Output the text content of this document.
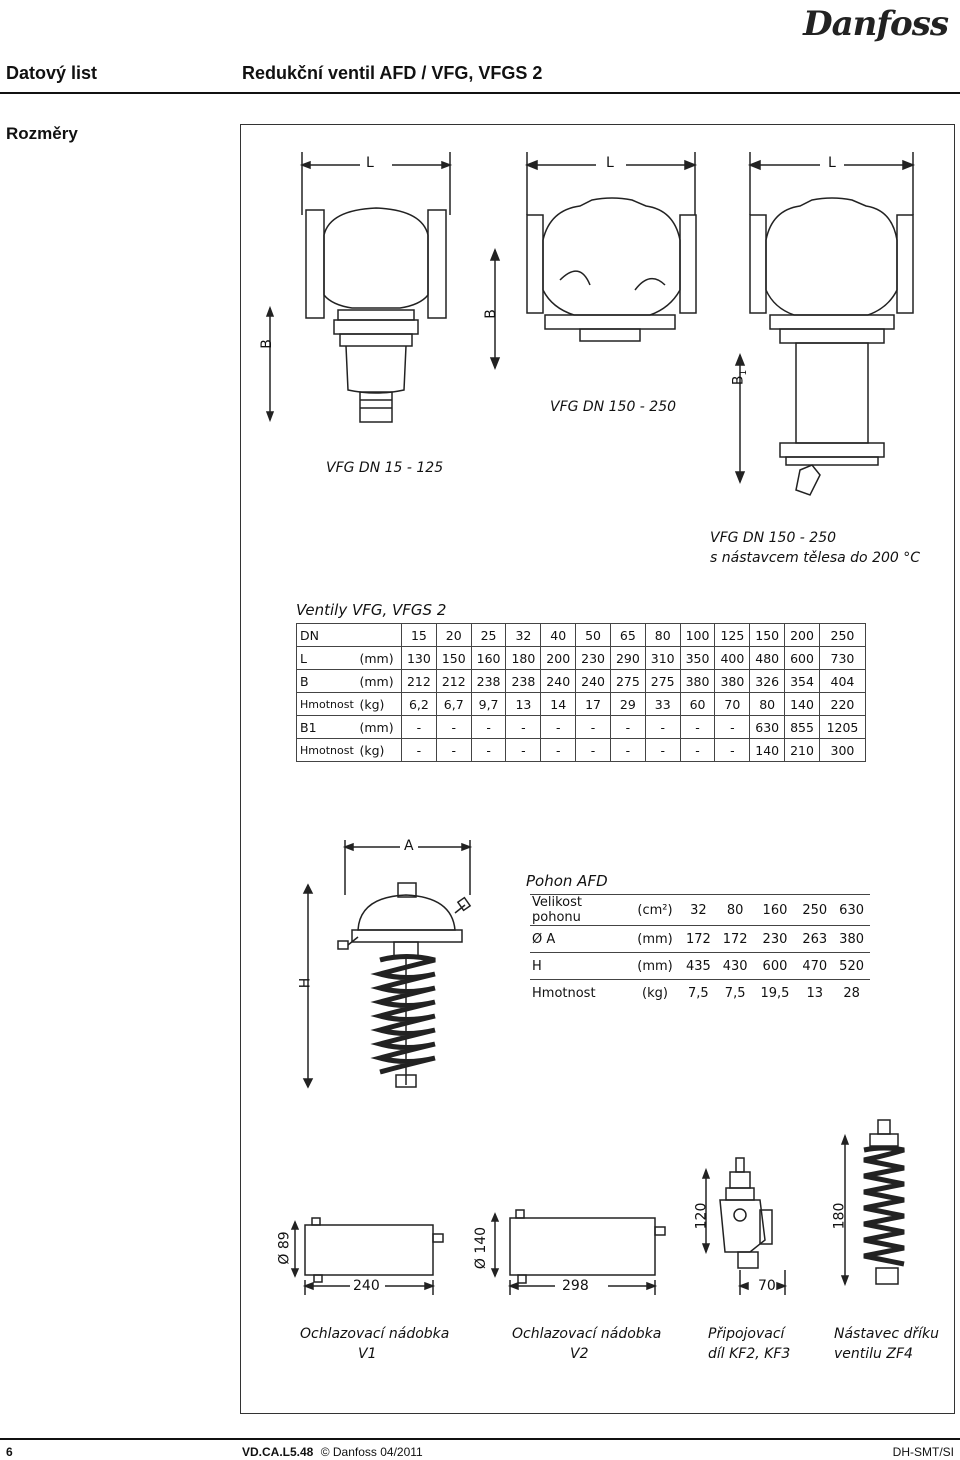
Danfoss
Datový list	Redukční ventil AFD / VFG, VFGS 2
Rozměry
L	L	L
B
B
$B_1$
VFG DN 150 - 250
VFG DN 15 - 125
VFG DN 150 - 250
s nástavcem tělesa do 200 °C
Ventily VFG, VFGS 2
DN		15	20	25	32	40	50	65	80	100	125	150	200	250
L	(mm)	130	150	160	180	200	230	290	310	350	400	480	600	730
B	(mm)	212	212	238	238	240	240	275	275	380	380	326	354	404
Hmotnost	(kg)	6,2	6,7	9,7	13	14	17	29	33	60	70	80	140	220
B1	(mm)	-	-	-	-	-	-	-	-	-	-	630	855	1205
Hmotnost	(kg)	-	-	-	-	-	-	-	-	-	-	140	210	300
A
H
Pohon AFD
Velikost pohonu	(cm²)	32	80	160	250	630
Ø A	(mm)	172	172	230	263	380
H	(mm)	435	430	600	470	520
Hmotnost	(kg)	7,5	7,5	19,5	13	28
Ø 89
240
Ø 140
298
120
70
180
Ochlazovací nádobka
V1
Ochlazovací nádobka
V2
Připojovací
díl KF2, KF3
Nástavec dříku
ventilu ZF4
6	VD.CA.L5.48 © Danfoss 04/2011	DH-SMT/SI
